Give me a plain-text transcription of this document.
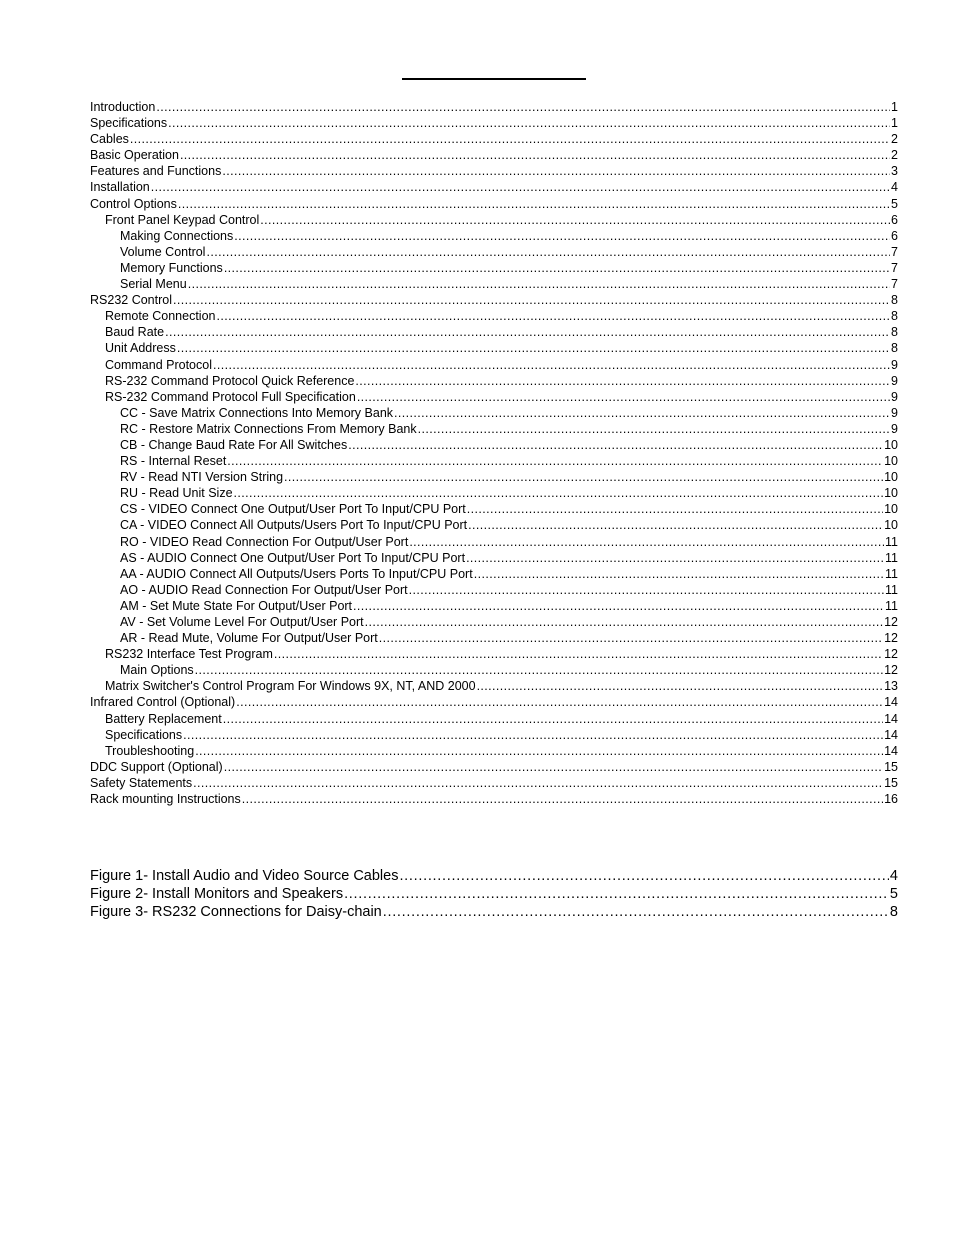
Introduction .....	1
Specifications .....	1
Cables .....	2
Basic Operation .....	2
Features and Functions .....	3
Installation .....	4
Control Options .....	5
Front Panel Keypad Control .....	6
Making Connections .....	6
Volume Control .....	7
Memory Functions .....	7
Serial Menu .....	7
RS232 Control .....	8
Remote Connection .....	8
Baud Rate .....	8
Unit Address .....	8
Command Protocol .....	9
RS-232 Command Protocol Quick Reference .....	9
RS-232 Command Protocol Full Specification .....	9
CC - Save Matrix Connections Into Memory Bank .....	9
RC - Restore Matrix Connections From Memory Bank .....	9
CB - Change Baud Rate For All Switches .....	10
RS - Internal Reset .....	10
RV - Read NTI Version String .....	10
RU - Read Unit Size .....	10
CS - VIDEO Connect One Output/User Port To Input/CPU Port .....	10
CA - VIDEO Connect All Outputs/Users Port To Input/CPU Port .....	10
RO - VIDEO Read Connection For Output/User Port .....	11
AS - AUDIO Connect One Output/User Port To Input/CPU Port .....	11
AA - AUDIO Connect All Outputs/Users Ports To Input/CPU Port .....	11
AO - AUDIO Read Connection For Output/User Port .....	11
AM - Set Mute State For Output/User Port .....	11
AV - Set Volume Level For Output/User Port .....	12
AR - Read Mute, Volume For Output/User Port .....	12
RS232 Interface Test Program .....	12
Main Options .....	12
Matrix Switcher's Control Program For Windows 9X, NT, AND 2000 .....	13
Infrared Control (Optional) .....	14
Battery Replacement .....	14
Specifications .....	14
Troubleshooting .....	14
DDC Support (Optional) .....	15
Safety Statements .....	15
Rack mounting Instructions .....	16
Figure 1- Install Audio and Video Source Cables .....	4
Figure 2- Install Monitors and Speakers .....	5
Figure 3- RS232 Connections for Daisy-chain .....	8
